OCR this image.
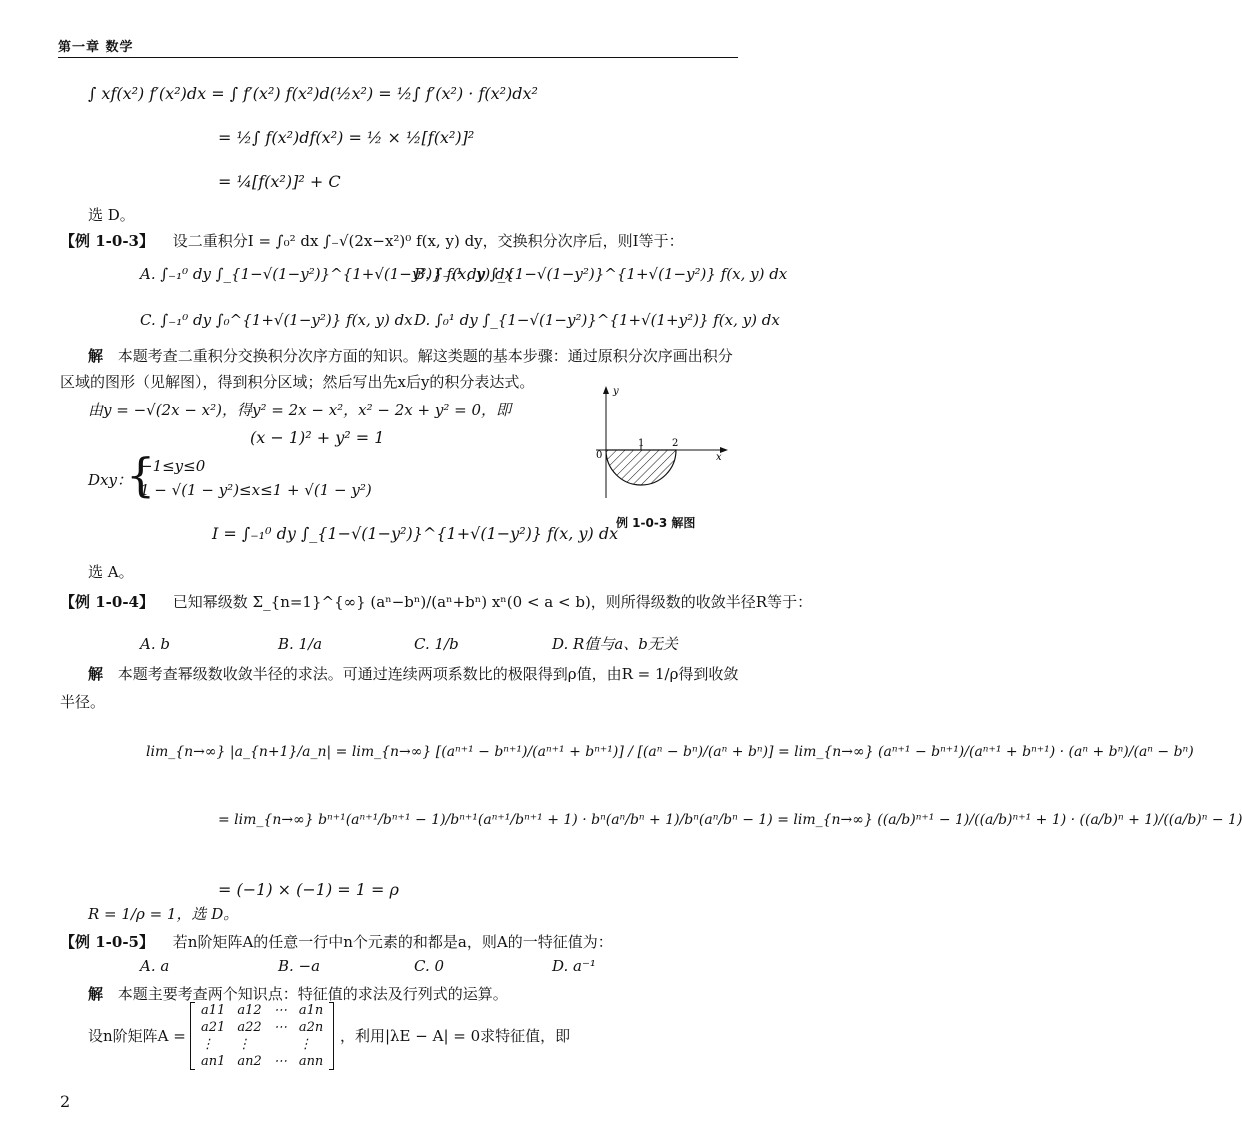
第一章 数学
∫ xf(x²) f′(x²)dx = ∫ f′(x²) f(x²)d(½x²) = ½∫ f′(x²) · f(x²)dx²
= ½∫ f(x²)df(x²) = ½ × ½[f(x²)]²
= ¼[f(x²)]² + C
选 D。
【例 1-0-3】 设二重积分I = ∫₀² dx ∫₋√(2x−x²)⁰ f(x, y) dy，交换积分次序后，则I等于：
A. ∫₋₁⁰ dy ∫_{1−√(1−y²)}^{1+√(1−y²)} f(x, y) dx
B. ∫₋₁¹ dy ∫_{1−√(1−y²)}^{1+√(1−y²)} f(x, y) dx
C. ∫₋₁⁰ dy ∫₀^{1+√(1−y²)} f(x, y) dx D. ∫₀¹ dy ∫_{1−√(1−y²)}^{1+√(1+y²)} f(x, y) dx
解 本题考查二重积分交换积分次序方面的知识。解这类题的基本步骤：通过原积分次序画出积分
区域的图形（见解图），得到积分区域；然后写出先x后y的积分表达式。
由y = −√(2x − x²)，得y² = 2x − x²，x² − 2x + y² = 0，即
(x − 1)² + y² = 1
Dxy：
{
−1≤y≤0
1 − √(1 − y²)≤x≤1 + √(1 − y²)
I = ∫₋₁⁰ dy ∫_{1−√(1−y²)}^{1+√(1−y²)} f(x, y) dx
选 A。
y
x
0
1	2
例 1-0-3 解图
【例 1-0-4】 已知幂级数 Σ_{n=1}^{∞} (aⁿ−bⁿ)/(aⁿ+bⁿ) xⁿ(0 < a < b)，则所得级数的收敛半径R等于：
A. b	B. 1/a	C. 1/b	D. R值与a、b无关
解 本题考查幂级数收敛半径的求法。可通过连续两项系数比的极限得到ρ值，由R = 1/ρ得到收敛
半径。
lim_{n→∞} |a_{n+1}/a_n| = lim_{n→∞} [(aⁿ⁺¹ − bⁿ⁺¹)/(aⁿ⁺¹ + bⁿ⁺¹)] / [(aⁿ − bⁿ)/(aⁿ + bⁿ)] = lim_{n→∞} (aⁿ⁺¹ − bⁿ⁺¹)/(aⁿ⁺¹ + bⁿ⁺¹) · (aⁿ + bⁿ)/(aⁿ − bⁿ)
= lim_{n→∞} bⁿ⁺¹(aⁿ⁺¹/bⁿ⁺¹ − 1)/bⁿ⁺¹(aⁿ⁺¹/bⁿ⁺¹ + 1) · bⁿ(aⁿ/bⁿ + 1)/bⁿ(aⁿ/bⁿ − 1) = lim_{n→∞} ((a/b)ⁿ⁺¹ − 1)/((a/b)ⁿ⁺¹ + 1) · ((a/b)ⁿ + 1)/((a/b)ⁿ − 1)
= (−1) × (−1) = 1 = ρ
R = 1/ρ = 1，选 D。
【例 1-0-5】 若n阶矩阵A的任意一行中n个元素的和都是a，则A的一特征值为：
A. a	B. −a	C. 0	D. a⁻¹
解 本题主要考查两个知识点：特征值的求法及行列式的运算。
设n阶矩阵A =
a11	a12	⋯	a1n
a21	a22	⋯	a2n
⋮	⋮		⋮
an1	an2	⋯	ann
，利用|λE − A| = 0求特征值，即
2
